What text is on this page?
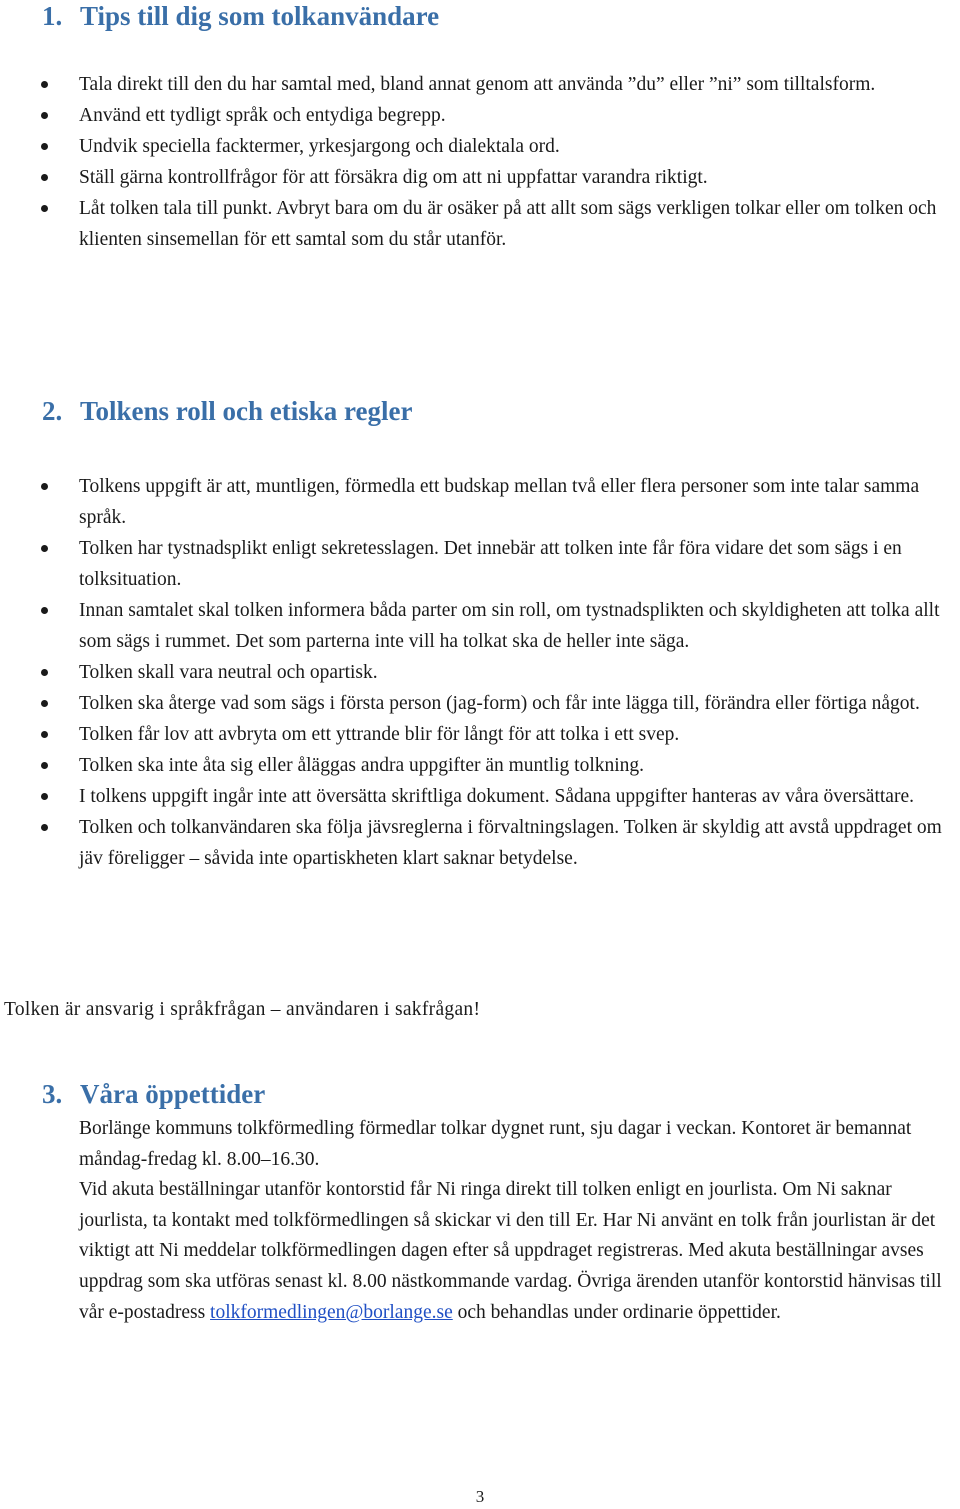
1. Tips till dig som tolkanvändare
Tala direkt till den du har samtal med, bland annat genom att använda ”du” eller ”ni” som tilltalsform.
Använd ett tydligt språk och entydiga begrepp.
Undvik speciella facktermer, yrkesjargong och dialektala ord.
Ställ gärna kontrollfrågor för att försäkra dig om att ni uppfattar varandra riktigt.
Låt tolken tala till punkt. Avbryt bara om du är osäker på att allt som sägs verkligen tolkar eller om tolken och klienten sinsemellan för ett samtal som du står utanför.
2. Tolkens roll och etiska regler
Tolkens uppgift är att, muntligen, förmedla ett budskap mellan två eller flera personer som inte talar samma språk.
Tolken har tystnadsplikt enligt sekretesslagen. Det innebär att tolken inte får föra vidare det som sägs i en tolksituation.
Innan samtalet skal tolken informera båda parter om sin roll, om tystnadsplikten och skyldigheten att tolka allt som sägs i rummet. Det som parterna inte vill ha tolkat ska de heller inte säga.
Tolken skall vara neutral och opartisk.
Tolken ska återge vad som sägs i första person (jag-form) och får inte lägga till, förändra eller förtiga något.
Tolken får lov att avbryta om ett yttrande blir för långt för att tolka i ett svep.
Tolken ska inte åta sig eller åläggas andra uppgifter än muntlig tolkning.
I tolkens uppgift ingår inte att översätta skriftliga dokument. Sådana uppgifter hanteras av våra översättare.
Tolken och tolkanvändaren ska följa jävsreglerna i förvaltningslagen. Tolken är skyldig att avstå uppdraget om jäv föreligger – såvida inte opartiskheten klart saknar betydelse.

Tolken är ansvarig i språkfrågan – användaren i sakfrågan!

3. Våra öppettider

Borlänge kommuns tolkförmedling förmedlar tolkar dygnet runt, sju dagar i veckan. Kontoret är bemannat måndag-fredag kl. 8.00–16.30.

Vid akuta beställningar utanför kontorstid får Ni ringa direkt till tolken enligt en jourlista. Om Ni saknar jourlista, ta kontakt med tolkförmedlingen så skickar vi den till Er. Har Ni använt en tolk från jourlistan är det viktigt att Ni meddelar tolkförmedlingen dagen efter så uppdraget registreras. Med akuta beställningar avses uppdrag som ska utföras senast kl. 8.00 nästkommande vardag. Övriga ärenden utanför kontorstid hänvisas till vår e-postadress tolkformedlingen@borlange.se och behandlas under ordinarie öppettider.

3
